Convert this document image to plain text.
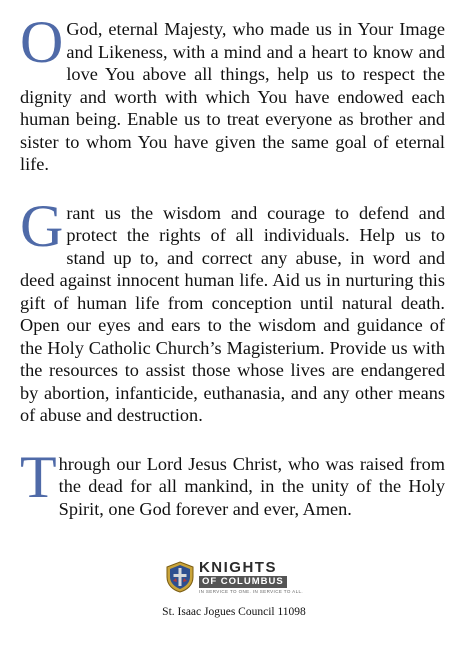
O God, eternal Majesty, who made us in Your Image and Likeness, with a mind and a heart to know and love You above all things, help us to respect the dignity and worth with which You have endowed each human being. Enable us to treat everyone as brother and sister to whom You have given the same goal of eternal life.

Grant us the wisdom and courage to defend and protect the rights of all individuals. Help us to stand up to, and correct any abuse, in word and deed against innocent human life. Aid us in nurturing this gift of human life from conception until natural death. Open our eyes and ears to the wisdom and guidance of the Holy Catholic Church’s Magisterium. Provide us with the resources to assist those whose lives are endangered by abortion, infanticide, euthanasia, and any other means of abuse and destruction.

Through our Lord Jesus Christ, who was raised from the dead for all mankind, in the unity of the Holy Spirit, one God forever and ever, Amen.

KNIGHTS
OF COLUMBUS
IN SERVICE TO ONE. IN SERVICE TO ALL.
St. Isaac Jogues Council 11098
